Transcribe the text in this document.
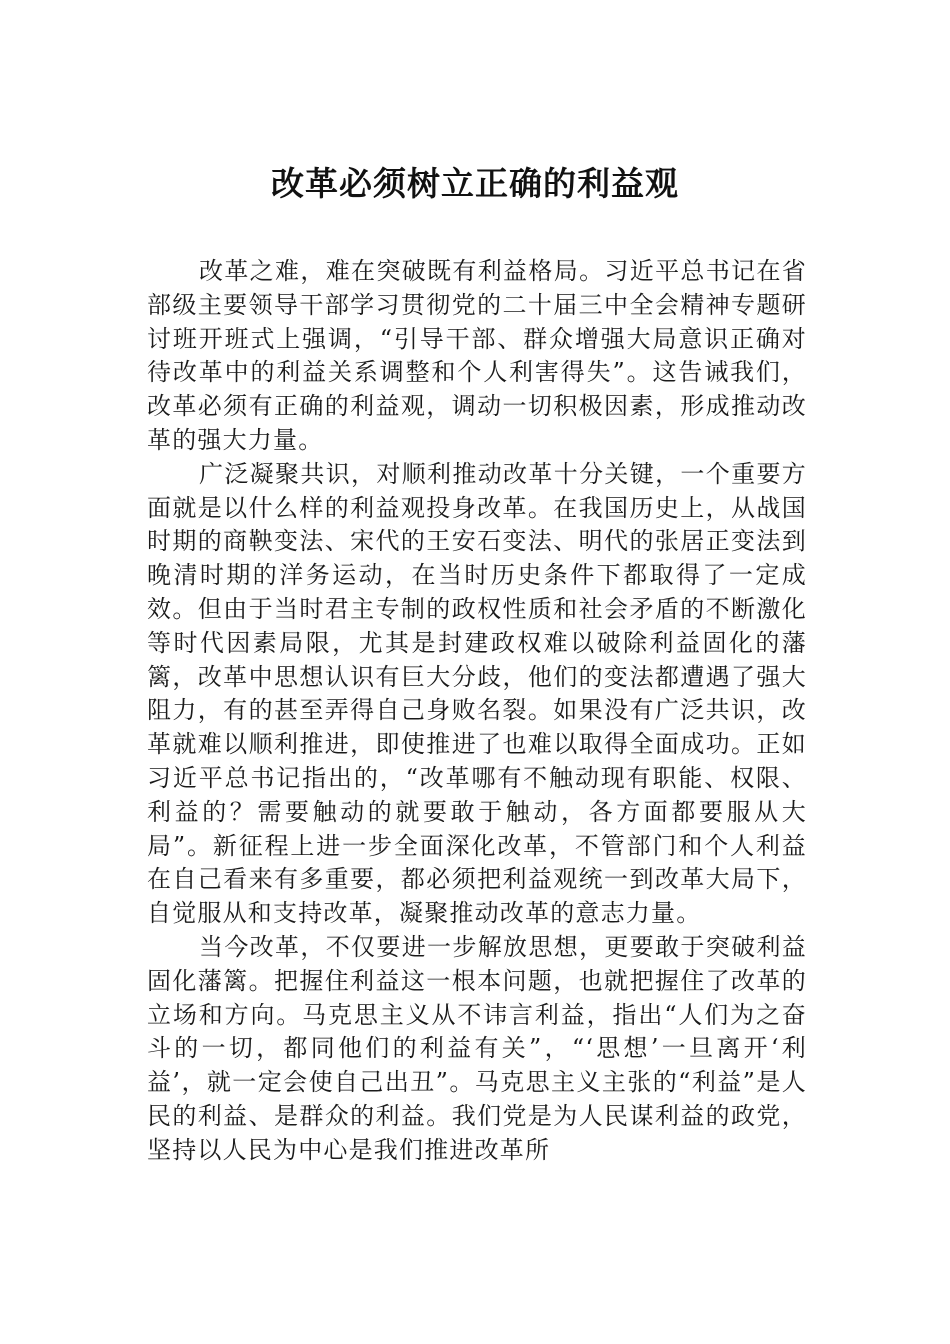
改革必须树立正确的利益观

改革之难，难在突破既有利益格局。习近平总书记在省部级主要领导干部学习贯彻党的二十届三中全会精神专题研讨班开班式上强调，“引导干部、群众增强大局意识正确对待改革中的利益关系调整和个人利害得失”。这告诫我们，改革必须有正确的利益观，调动一切积极因素，形成推动改革的强大力量。

广泛凝聚共识，对顺利推动改革十分关键，一个重要方面就是以什么样的利益观投身改革。在我国历史上，从战国时期的商鞅变法、宋代的王安石变法、明代的张居正变法到晚清时期的洋务运动，在当时历史条件下都取得了一定成效。但由于当时君主专制的政权性质和社会矛盾的不断激化等时代因素局限，尤其是封建政权难以破除利益固化的藩篱，改革中思想认识有巨大分歧，他们的变法都遭遇了强大阻力，有的甚至弄得自己身败名裂。如果没有广泛共识，改革就难以顺利推进，即使推进了也难以取得全面成功。正如习近平总书记指出的，“改革哪有不触动现有职能、权限、利益的？需要触动的就要敢于触动，各方面都要服从大局”。新征程上进一步全面深化改革，不管部门和个人利益在自己看来有多重要，都必须把利益观统一到改革大局下，自觉服从和支持改革，凝聚推动改革的意志力量。

当今改革，不仅要进一步解放思想，更要敢于突破利益固化藩篱。把握住利益这一根本问题，也就把握住了改革的立场和方向。马克思主义从不讳言利益，指出“人们为之奋斗的一切，都同他们的利益有关”，“‘思想’一旦离开‘利益’，就一定会使自己出丑”。马克思主义主张的“利益”是人民的利益、是群众的利益。我们党是为人民谋利益的政党，坚持以人民为中心是我们推进改革所
